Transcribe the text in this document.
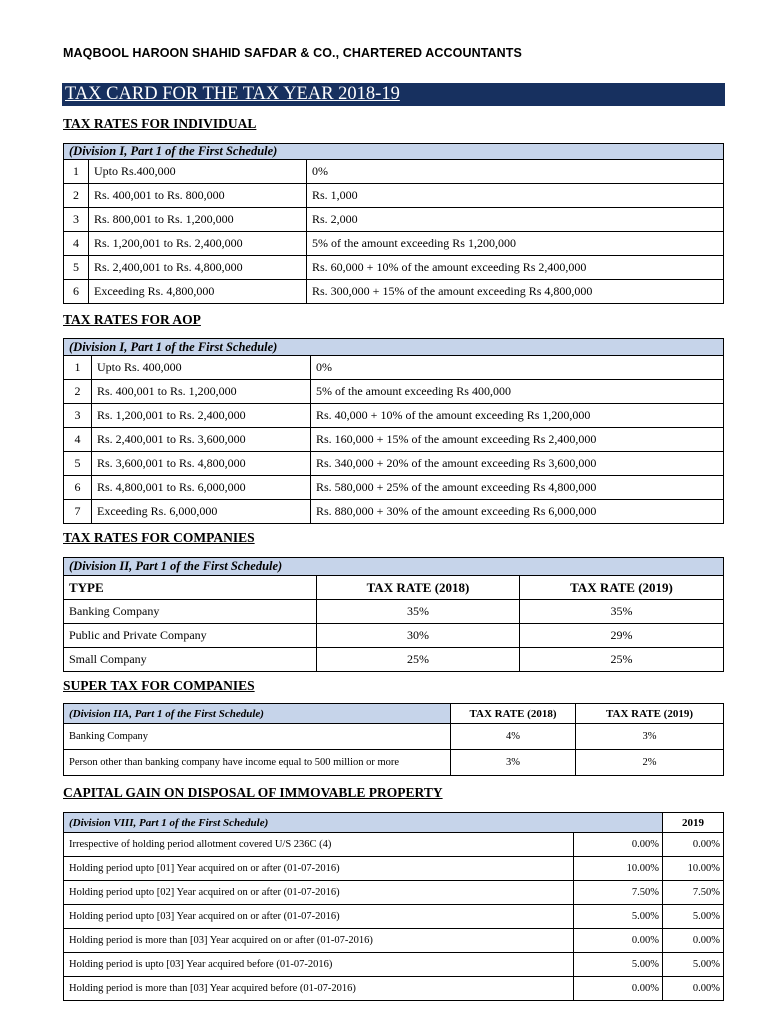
MAQBOOL HAROON SHAHID SAFDAR & CO., CHARTERED ACCOUNTANTS
TAX CARD FOR THE TAX YEAR 2018-19
TAX RATES FOR INDIVIDUAL
(Division I, Part 1 of the First Schedule)		
1	Upto Rs.400,000	0%
2	Rs. 400,001 to Rs. 800,000	Rs. 1,000
3	Rs. 800,001 to Rs. 1,200,000	Rs. 2,000
4	Rs. 1,200,001 to Rs. 2,400,000	5% of the amount exceeding Rs 1,200,000
5	Rs. 2,400,001 to Rs. 4,800,000	Rs. 60,000 + 10% of the amount exceeding Rs 2,400,000
6	Exceeding Rs. 4,800,000	Rs. 300,000 + 15% of the amount exceeding Rs 4,800,000
TAX RATES FOR AOP
(Division I, Part 1 of the First Schedule)		
1	Upto Rs. 400,000	0%
2	Rs. 400,001 to Rs. 1,200,000	5% of the amount exceeding Rs 400,000
3	Rs. 1,200,001 to Rs. 2,400,000	Rs. 40,000 + 10% of the amount exceeding Rs 1,200,000
4	Rs. 2,400,001 to Rs. 3,600,000	Rs. 160,000 + 15% of the amount exceeding Rs 2,400,000
5	Rs. 3,600,001 to Rs. 4,800,000	Rs. 340,000 + 20% of the amount exceeding Rs 3,600,000
6	Rs. 4,800,001 to Rs. 6,000,000	Rs. 580,000 + 25% of the amount exceeding Rs 4,800,000
7	Exceeding Rs. 6,000,000	Rs. 880,000 + 30% of the amount exceeding Rs 6,000,000
TAX RATES FOR COMPANIES
(Division II, Part 1 of the First Schedule)		
TYPE	TAX RATE (2018)	TAX RATE (2019)
Banking Company	35%	35%
Public and Private Company	30%	29%
Small Company	25%	25%
SUPER TAX FOR COMPANIES
(Division IIA, Part 1 of the First Schedule)	TAX RATE (2018)	TAX RATE (2019)
Banking Company	4%	3%
Person other than banking company have income equal to 500 million or more	3%	2%
CAPITAL GAIN ON DISPOSAL OF IMMOVABLE PROPERTY
(Division VIII, Part 1 of the First Schedule)		2019
Irrespective of holding period allotment covered U/S 236C (4)	0.00%	0.00%
Holding period upto [01] Year acquired on or after (01-07-2016)	10.00%	10.00%
Holding period upto [02] Year acquired on or after (01-07-2016)	7.50%	7.50%
Holding period upto [03] Year acquired on or after (01-07-2016)	5.00%	5.00%
Holding period is more than [03] Year acquired on or after (01-07-2016)	0.00%	0.00%
Holding period is upto [03] Year acquired before (01-07-2016)	5.00%	5.00%
Holding period is more than [03] Year acquired before (01-07-2016)	0.00%	0.00%
